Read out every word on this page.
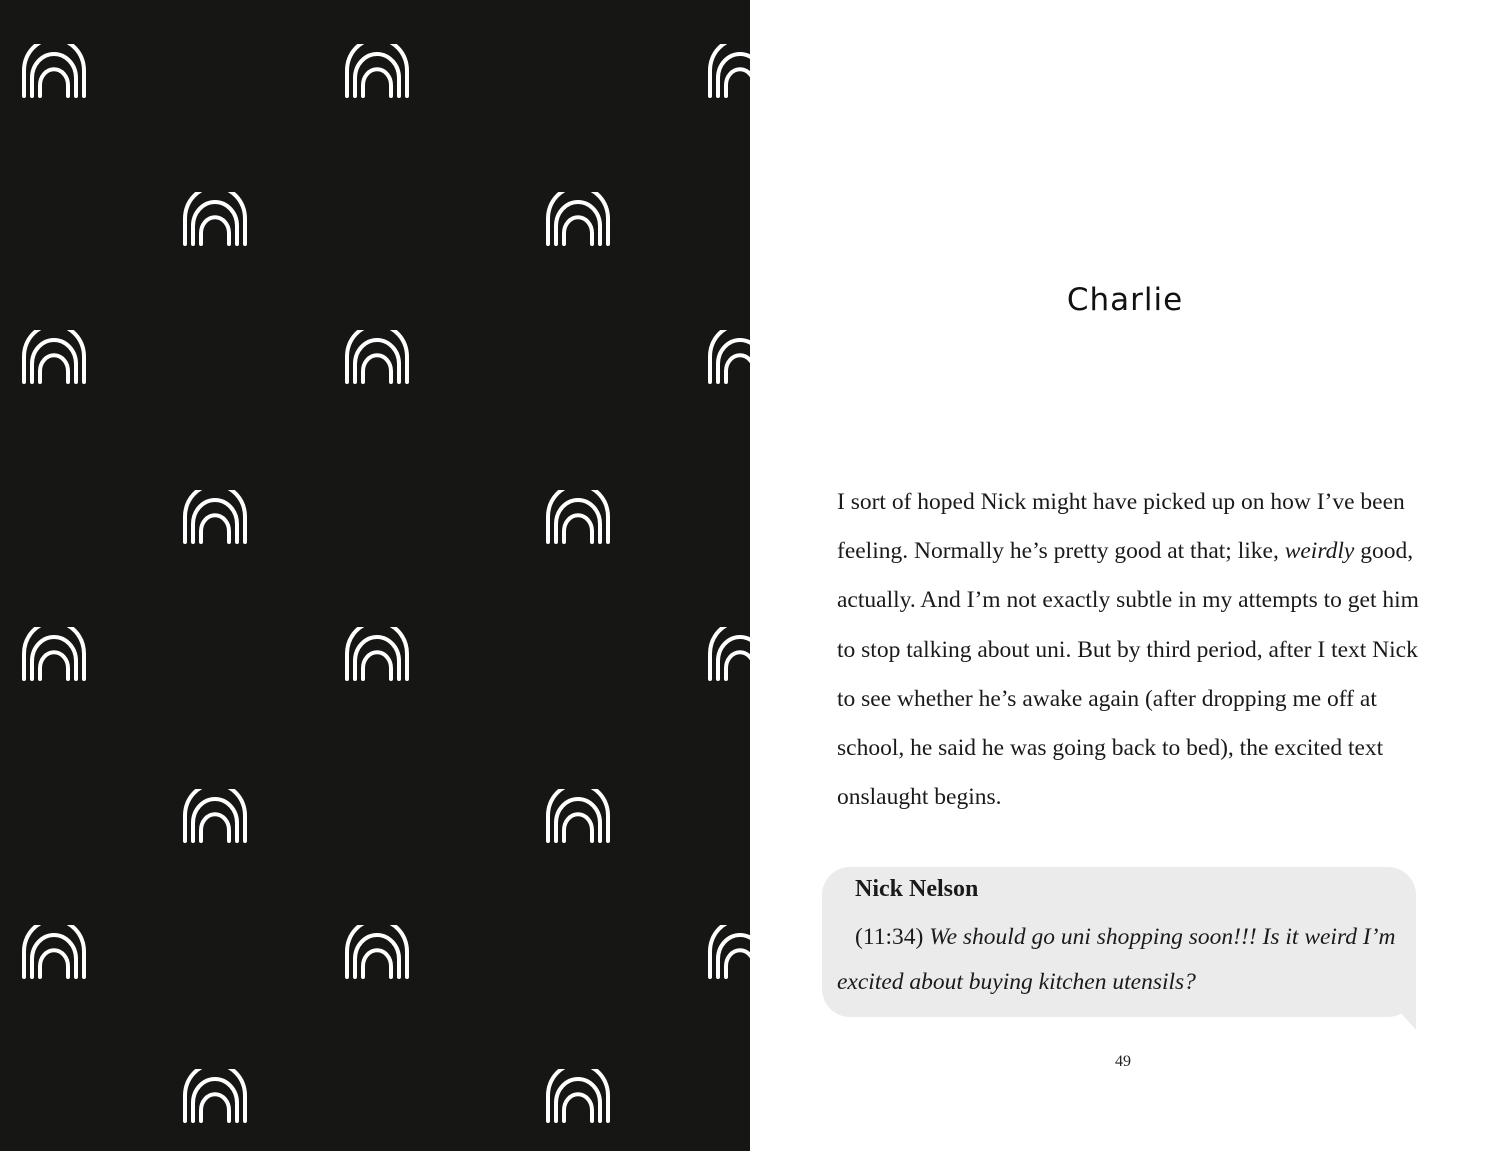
Charlie

I sort of hoped Nick might have picked up on how I’ve been feeling. Normally he’s pretty good at that; like, weirdly good, actually. And I’m not exactly subtle in my attempts to get him to stop talking about uni. But by third period, after I text Nick to see whether he’s awake again (after dropping me off at school, he said he was going back to bed), the excited text onslaught begins.

Nick Nelson
(11:34) We should go uni shopping soon!!! Is it weird I’m excited about buying kitchen utensils?
49
